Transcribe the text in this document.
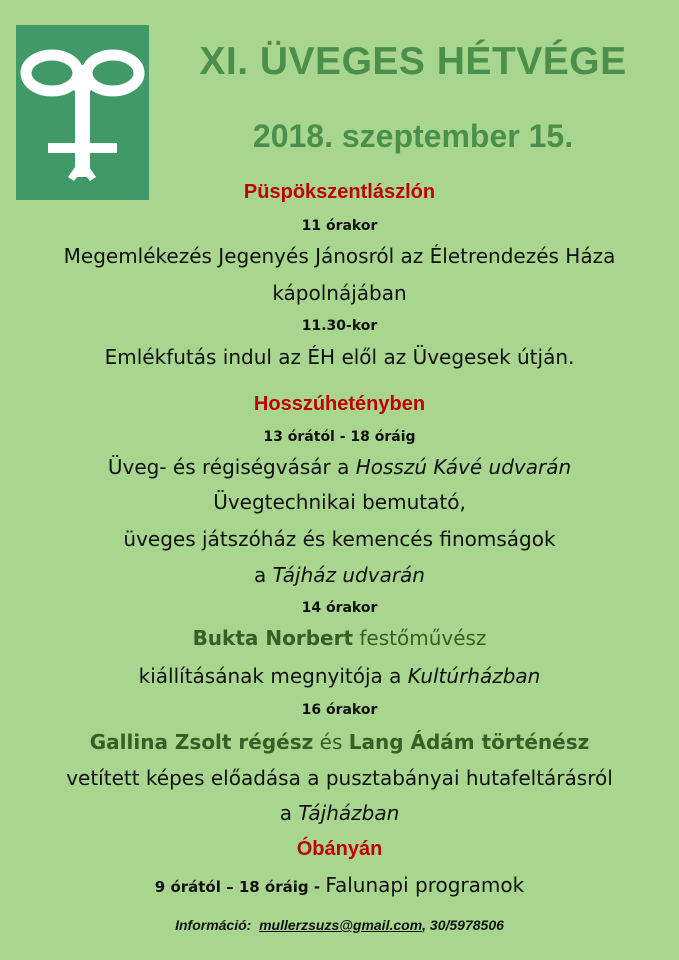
XI. ÜVEGES HÉTVÉGE
2018. szeptember 15.
Püspökszentlászlón
11 órakor
Megemlékezés Jegenyés Jánosról az Életrendezés Háza
kápolnájában
11.30-kor
Emlékfutás indul az ÉH elől az Üvegesek útján.
Hosszúhetényben
13 órától - 18 óráig
Üveg- és régiségvásár a Hosszú Kávé udvarán
Üvegtechnikai bemutató,
üveges játszóház és kemencés finomságok
a Tájház udvarán
14 órakor
Bukta Norbert festőművész
kiállításának megnyitója a Kultúrházban
16 órakor
Gallina Zsolt régész és Lang Ádám történész
vetített képes előadása a pusztabányai hutafeltárásról
a Tájházban
Óbányán
9 órától – 18 óráig - Falunapi programok
Információ: mullerzsuzs@gmail.com, 30/5978506
